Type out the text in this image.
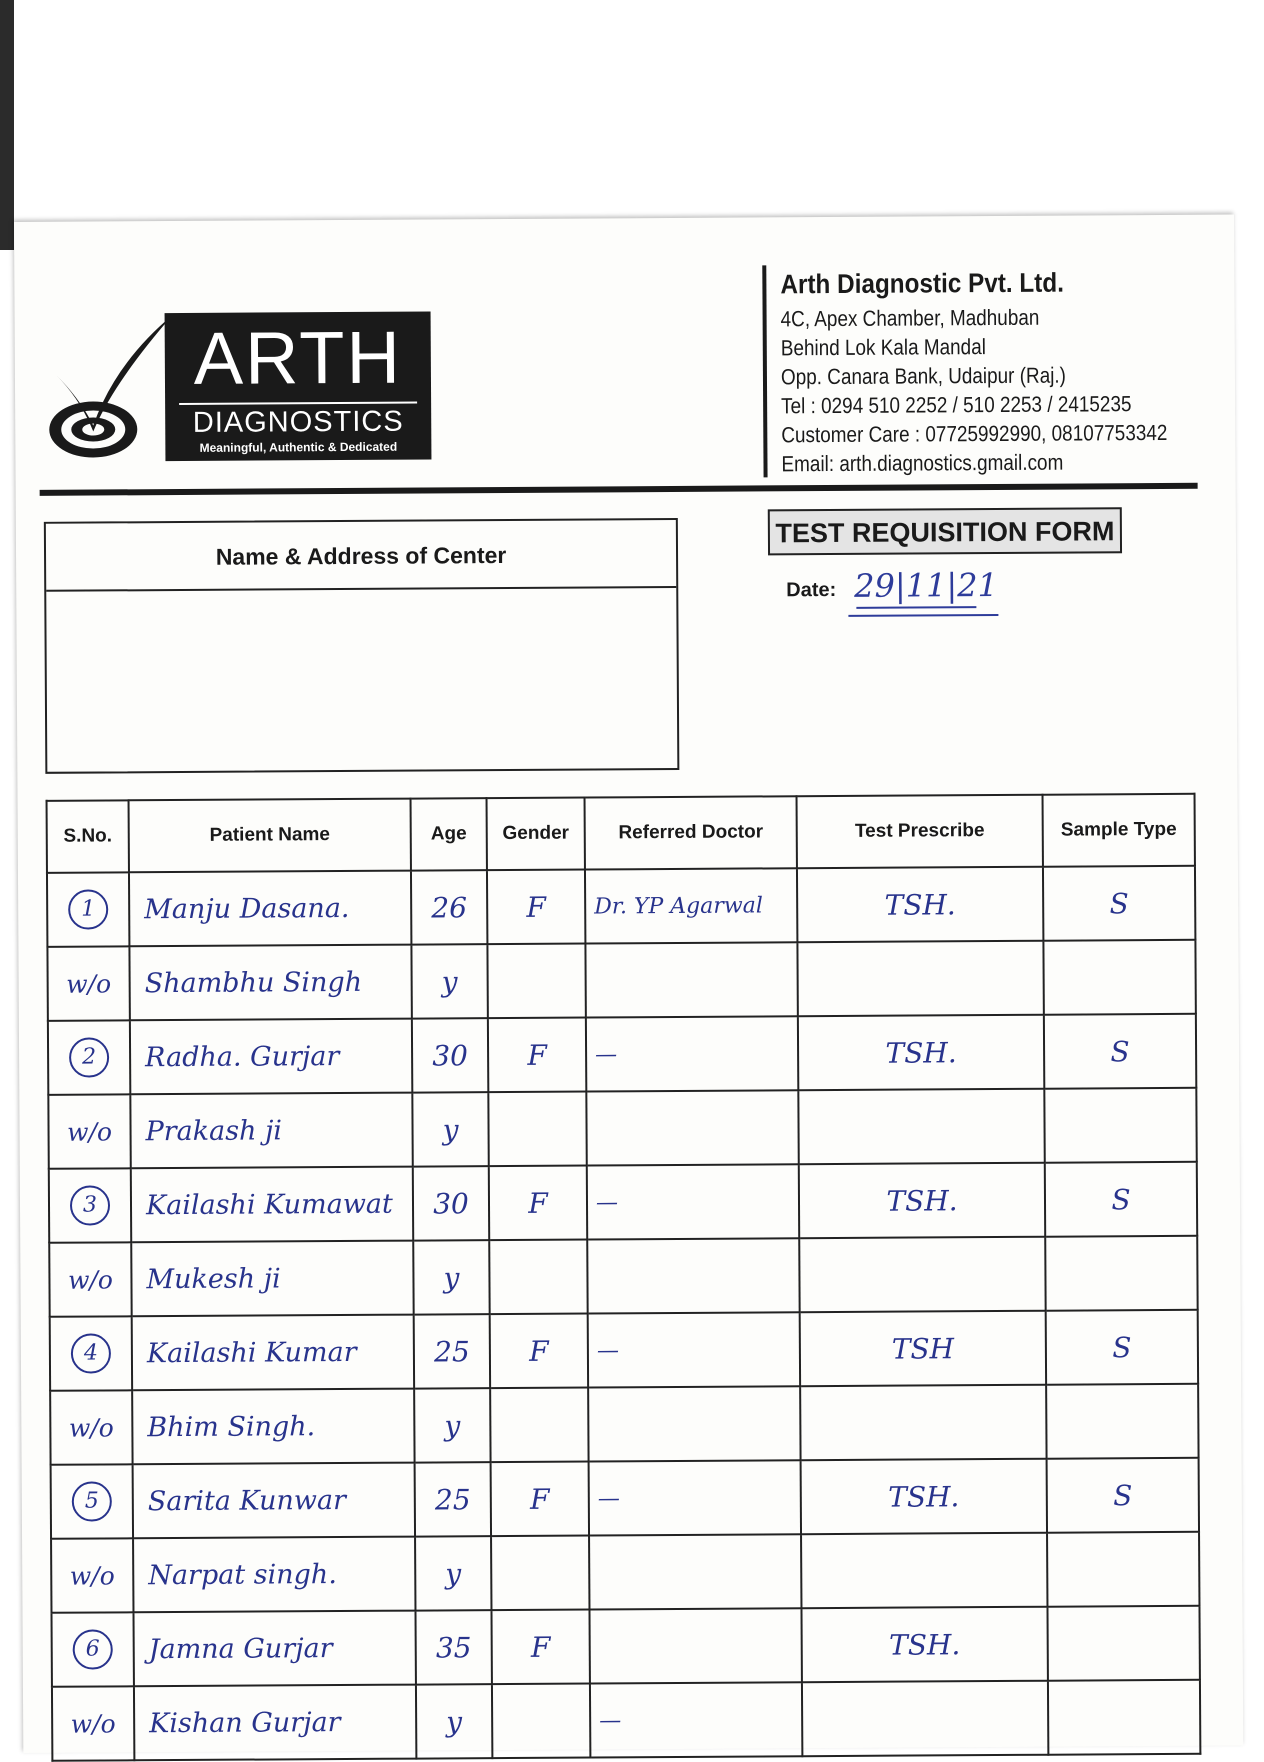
ARTH
DIAGNOSTICS
Meaningful, Authentic & Dedicated
Arth Diagnostic Pvt. Ltd.
4C, Apex Chamber, Madhuban
Behind Lok Kala Mandal
Opp. Canara Bank, Udaipur (Raj.)
Tel : 0294 510 2252 / 510 2253 / 2415235
Customer Care : 07725992990, 08107753342
Email: arth.diagnostics.gmail.com
Name & Address of Center
TEST REQUISITION FORM
Date: 29|11|21
S.No.	Patient Name	Age	Gender	Referred Doctor	Test Prescribe	Sample Type
1	Manju Dasana.	26	F	Dr. YP Agarwal	TSH.	S
w/o	Shambhu Singh	y				
2	Radha. Gurjar	30	F	—	TSH.	S
w/o	Prakash ji	y				
3	Kailashi Kumawat	30	F	—	TSH.	S
w/o	Mukesh ji	y				
4	Kailashi Kumar	25	F	—	TSH	S
w/o	Bhim Singh.	y				
5	Sarita Kunwar	25	F	—	TSH.	S
w/o	Narpat singh.	y				
6	Jamna Gurjar	35	F		TSH.	
w/o	Kishan Gurjar	y		—		
